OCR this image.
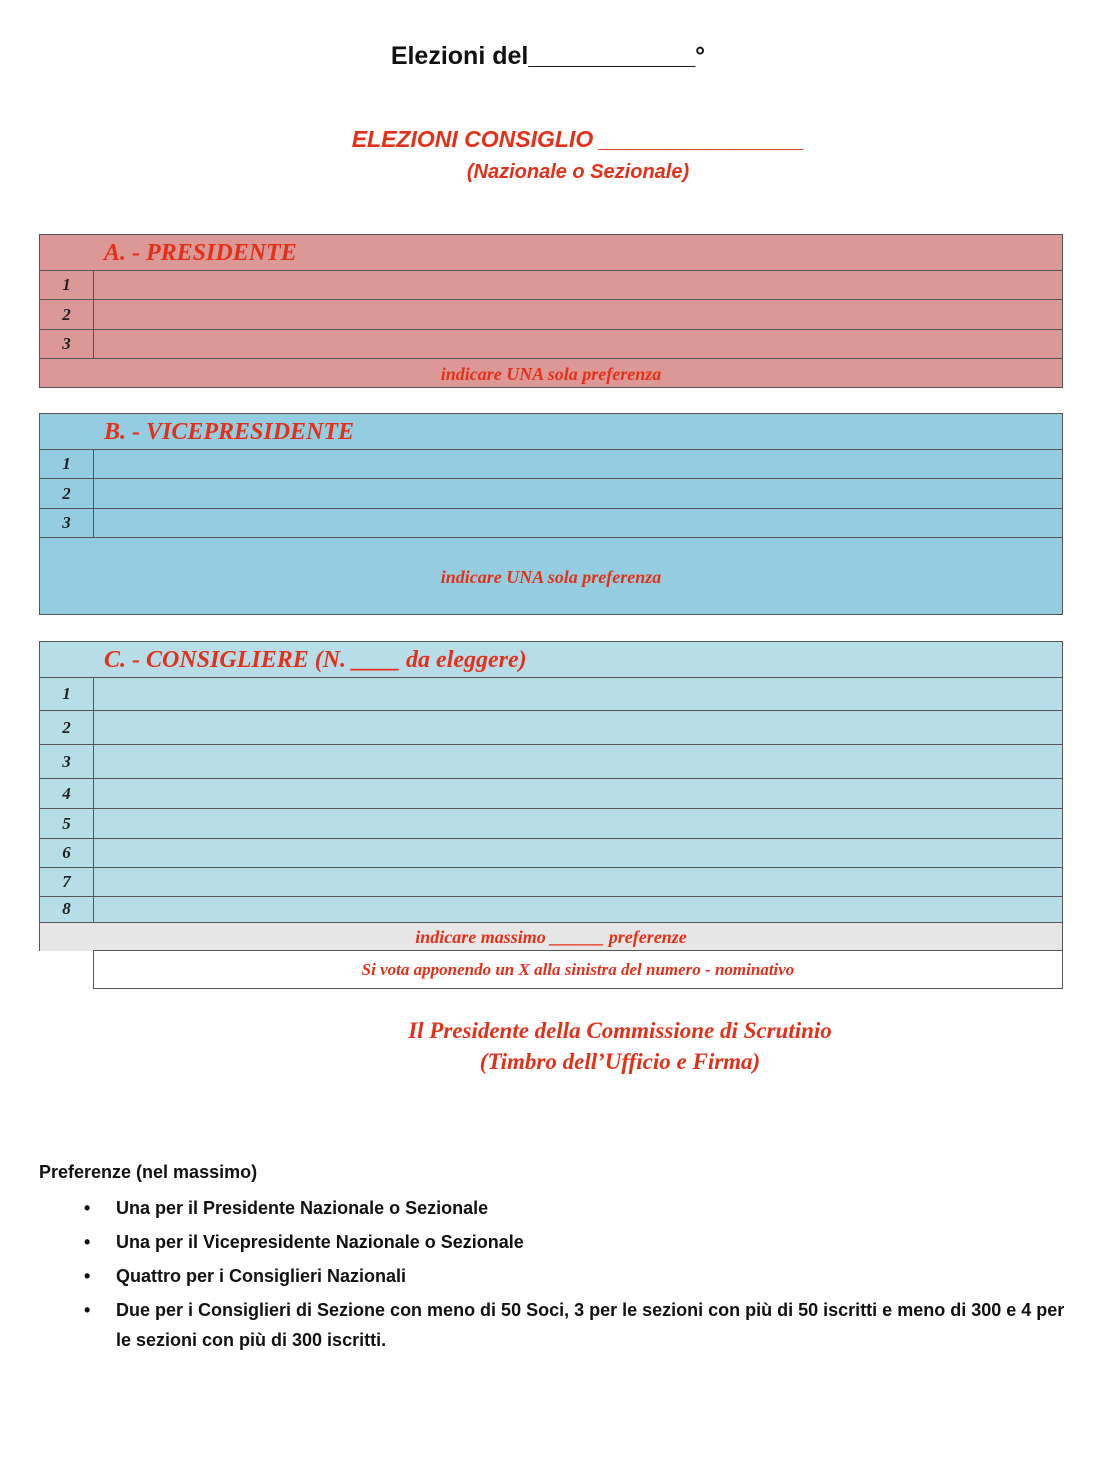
Elezioni del____________°
ELEZIONI CONSIGLIO ________________
(Nazionale o Sezionale)
A. - PRESIDENTE
1
2
3
indicare UNA sola preferenza
B. - VICEPRESIDENTE
1
2
3
indicare UNA sola preferenza
C. - CONSIGLIERE (N. ____ da eleggere)
1
2
3
4
5
6
7
8
indicare massimo ______ preferenze
Si vota apponendo un X alla sinistra del numero - nominativo
Il Presidente della Commissione di Scrutinio
(Timbro dell’Ufficio e Firma)
Preferenze (nel massimo)
• Una per il Presidente Nazionale o Sezionale
• Una per il Vicepresidente Nazionale o Sezionale
• Quattro per i Consiglieri Nazionali
• Due per i Consiglieri di Sezione con meno di 50 Soci, 3 per le sezioni con più di 50 iscritti e meno di 300 e 4 per le sezioni con più di 300 iscritti.
